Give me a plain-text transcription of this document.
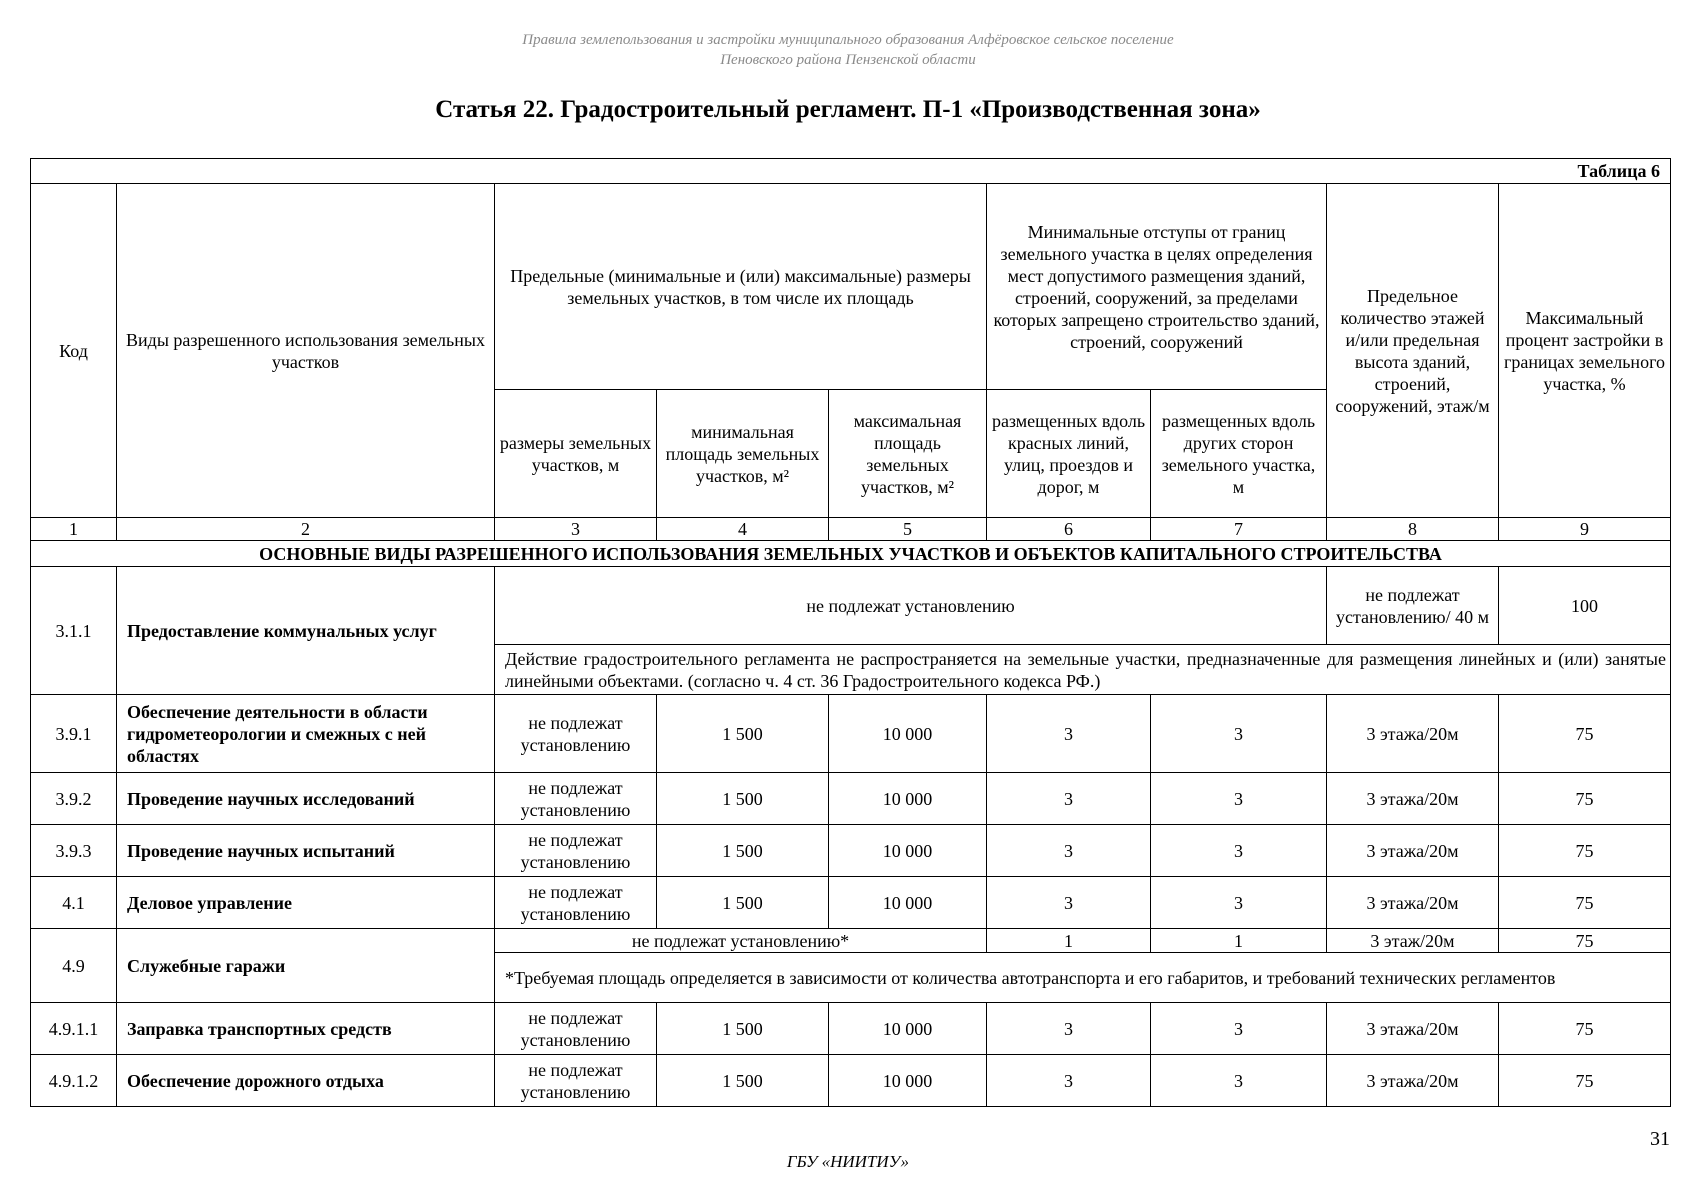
Правила землепользования и застройки муниципального образования Алфёровское сельское поселение
Пеновского района Пензенской области
Статья 22. Градостроительный регламент. П-1 «Производственная зона»
Таблица 6								
Код	Виды разрешенного использования земельных участков	Предельные (минимальные и (или) максимальные) размеры земельных участков, в том числе их площадь			Минимальные отступы от границ земельного участка в целях определения мест допустимого размещения зданий, строений, сооружений, за пределами которых запрещено строительство зданий, строений, сооружений		Предельное количество этажей и/или предельная высота зданий, строений, сооружений, этаж/м	Максимальный процент застройки в границах земельного участка, %
		размеры земельных участков, м	минимальная площадь земельных участков, м²	максимальная площадь земельных участков, м²	размещенных вдоль красных линий, улиц, проездов и дорог, м	размещенных вдоль других сторон земельного участка, м		
1	2	3	4	5	6	7	8	9
ОСНОВНЫЕ ВИДЫ РАЗРЕШЕННОГО ИСПОЛЬЗОВАНИЯ ЗЕМЕЛЬНЫХ УЧАСТКОВ И ОБЪЕКТОВ КАПИТАЛЬНОГО СТРОИТЕЛЬСТВА								
3.1.1	Предоставление коммунальных услуг	не подлежат установлению					не подлежат установлению/ 40 м	100
		Действие градостроительного регламента не распространяется на земельные участки, предназначенные для размещения линейных и (или) занятые линейными объектами. (согласно ч. 4 ст. 36 Градостроительного кодекса РФ.)						
3.9.1	Обеспечение деятельности в области гидрометеорологии и смежных с ней областях	не подлежат установлению	1 500	10 000	3	3	3 этажа/20м	75
3.9.2	Проведение научных исследований	не подлежат установлению	1 500	10 000	3	3	3 этажа/20м	75
3.9.3	Проведение научных испытаний	не подлежат установлению	1 500	10 000	3	3	3 этажа/20м	75
4.1	Деловое управление	не подлежат установлению	1 500	10 000	3	3	3 этажа/20м	75
4.9	Служебные гаражи	не подлежат установлению*			1	1	3 этаж/20м	75
		*Требуемая площадь определяется в зависимости от количества автотранспорта и его габаритов, и требований технических регламентов						
4.9.1.1	Заправка транспортных средств	не подлежат установлению	1 500	10 000	3	3	3 этажа/20м	75
4.9.1.2	Обеспечение дорожного отдыха	не подлежат установлению	1 500	10 000	3	3	3 этажа/20м	75
31
ГБУ «НИИТИУ»
